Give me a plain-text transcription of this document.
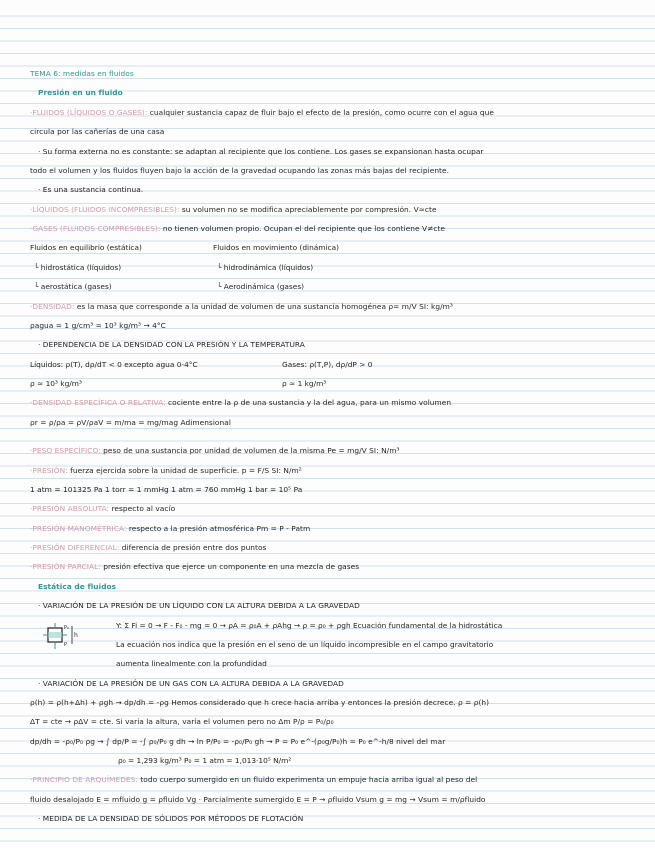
TEMA 6: medidas en fluidos
Presión en un fluido
·FLUIDOS (LÍQUIDOS O GASES): cualquier sustancia capaz de fluir bajo el efecto de la presión, como ocurre con el agua que
circula por las cañerías de una casa
· Su forma externa no es constante: se adaptan al recipiente que los contiene. Los gases se expansionan hasta ocupar
todo el volumen y los fluidos fluyen bajo la acción de la gravedad ocupando las zonas más bajas del recipiente.
· Es una sustancia continua.
·LÍQUIDOS (FLUIDOS INCOMPRESIBLES): su volumen no se modifica apreciablemente por compresión. V≈cte
·GASES (FLUIDOS COMPRESIBLES): no tienen volumen propio. Ocupan el del recipiente que los contiene V≠cte
Fluidos en equilibrio (estática)	Fluidos en movimiento (dinámica)
└ hidrostática (líquidos)	└ hidrodinámica (líquidos)
└ aerostática (gases)	└ Aerodinámica (gases)
·DENSIDAD: es la masa que corresponde a la unidad de volumen de una sustancia homogénea ρ= m/V SI: kg/m³
ρagua = 1 g/cm³ = 10³ kg/m³ → 4°C
· DEPENDENCIA DE LA DENSIDAD CON LA PRESIÓN Y LA TEMPERATURA
Líquidos: ρ(T), dρ/dT < 0 excepto agua 0-4°C	Gases: ρ(T,P), dρ/dP > 0
ρ ≈ 10³ kg/m³	ρ ≈ 1 kg/m³
·DENSIDAD ESPECÍFICA O RELATIVA: cociente entre la ρ de una sustancia y la del agua, para un mismo volumen
ρr = ρ/ρa = ρV/ρaV = m/ma = mg/mag Adimensional
·PESO ESPECÍFICO: peso de una sustancia por unidad de volumen de la misma Pe = mg/V SI: N/m³
·PRESIÓN: fuerza ejercida sobre la unidad de superficie. p = F/S SI: N/m²
1 atm = 101325 Pa 1 torr = 1 mmHg 1 atm = 760 mmHg 1 bar = 10⁵ Pa
·PRESIÓN ABSOLUTA: respecto al vacío
·PRESIÓN MANOMÉTRICA: respecto a la presión atmosférica Pm = P - Patm
·PRESIÓN DIFERENCIAL: diferencia de presión entre dos puntos
·PRESIÓN PARCIAL: presión efectiva que ejerce un componente en una mezcla de gases
Estática de fluidos
· VARIACIÓN DE LA PRESIÓN DE UN LÍQUIDO CON LA ALTURA DEBIDA A LA GRAVEDAD
P₀
P
h
Y: Σ Fi = 0 → F - F₀ - mg = 0 → ρA = ρ₀A + ρAhg → ρ = ρ₀ + ρgh Ecuación fundamental de la hidrostática
La ecuación nos indica que la presión en el seno de un líquido incompresible en el campo gravitatorio
aumenta linealmente con la profundidad
· VARIACIÓN DE LA PRESIÓN DE UN GAS CON LA ALTURA DEBIDA A LA GRAVEDAD
ρ(h) = ρ(h+Δh) + ρgh → dp/dh = -ρg Hemos considerado que h crece hacia arriba y entonces la presión decrece. ρ = ρ(h)
ΔT = cte → ρΔV = cte. Si varía la altura, varía el volumen pero no Δm P/ρ = P₀/ρ₀
dp/dh = -ρ₀/P₀ ρg → ∫ dp/P = -∫ ρ₀/P₀ g dh → ln P/P₀ = -ρ₀/P₀ gh → P = P₀ e^-(ρ₀g/P₀)h = P₀ e^-h/8 nivel del mar
ρ₀ = 1,293 kg/m³ P₀ = 1 atm = 1,013·10⁵ N/m²
·PRINCIPIO DE ARQUÍMEDES: todo cuerpo sumergido en un fluido experimenta un empuje hacia arriba igual al peso del
fluido desalojado E = mfluido g = ρfluido Vg · Parcialmente sumergido E = P → ρfluido Vsum g = mg → Vsum = m/ρfluido
· MEDIDA DE LA DENSIDAD DE SÓLIDOS POR MÉTODOS DE FLOTACIÓN
